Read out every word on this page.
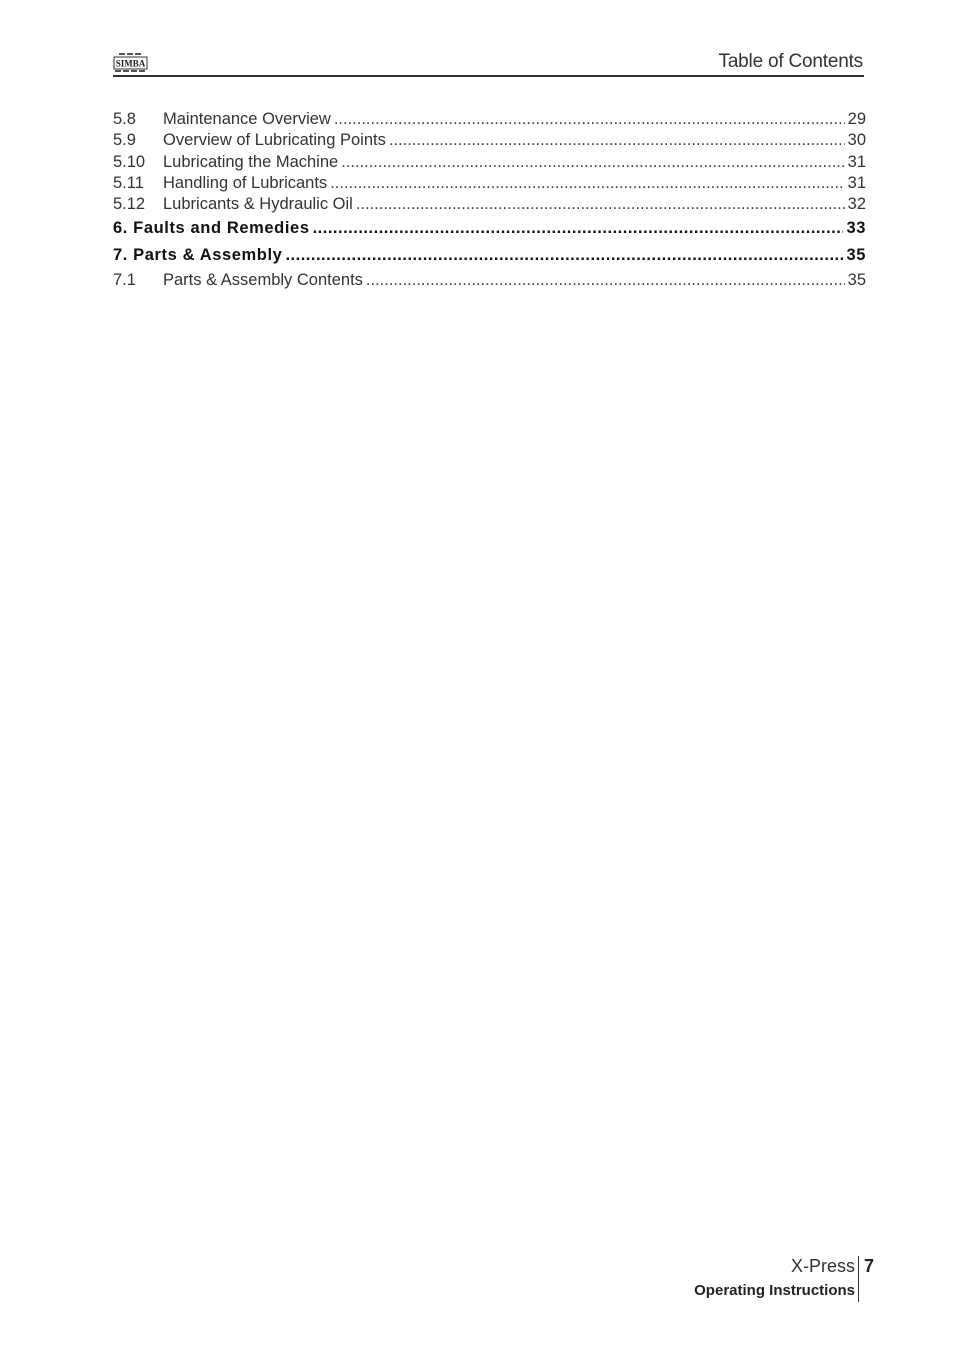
SIMBA	Table of Contents
5.8	Maintenance Overview .....	29
5.9	Overview of Lubricating Points .....	30
5.10	Lubricating the Machine .....	31
5.11	Handling of Lubricants .....	31
5.12	Lubricants & Hydraulic Oil .....	32
6. Faults and Remedies .....	33
7. Parts & Assembly .....	35
7.1	Parts & Assembly Contents .....	35
X-Press
Operating Instructions
7
